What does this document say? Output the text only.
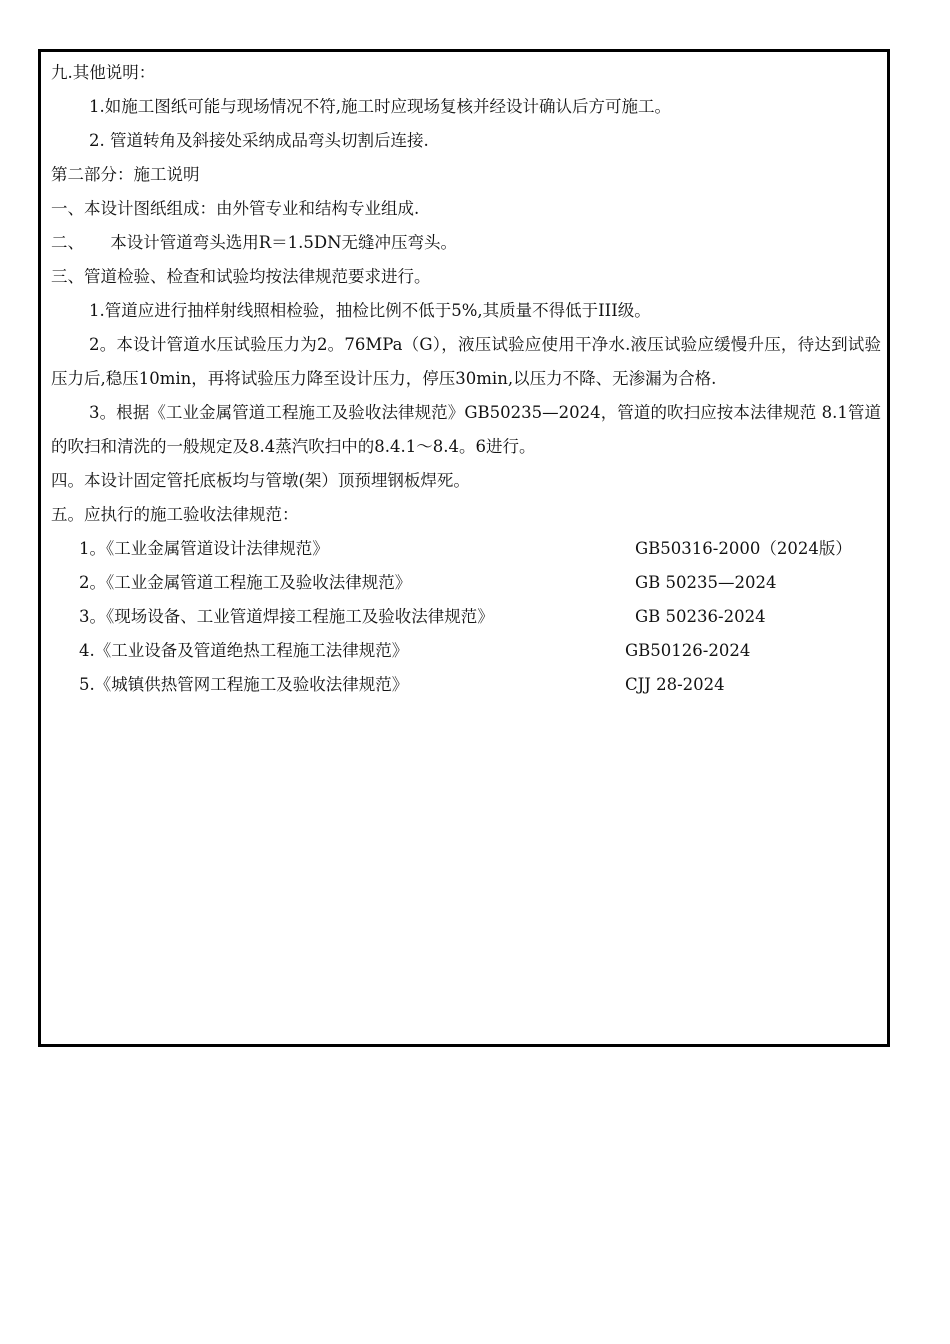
九.其他说明：

1.如施工图纸可能与现场情况不符,施工时应现场复核并经设计确认后方可施工。

2. 管道转角及斜接处采纳成品弯头切割后连接.

第二部分：施工说明

一、本设计图纸组成：由外管专业和结构专业组成.

二、     本设计管道弯头选用R＝1.5DN无缝冲压弯头。

三、管道检验、检查和试验均按法律规范要求进行。

1.管道应进行抽样射线照相检验，抽检比例不低于5%,其质量不得低于III级。

2。本设计管道水压试验压力为2。76MPa（G），液压试验应使用干净水.液压试验应缓慢升压，待达到试验压力后,稳压10min，再将试验压力降至设计压力，停压30min,以压力不降、无渗漏为合格.

3。根据《工业金属管道工程施工及验收法律规范》GB50235—2024，管道的吹扫应按本法律规范 8.1管道的吹扫和清洗的一般规定及8.4蒸汽吹扫中的8.4.1～8.4。6进行。

四。本设计固定管托底板均与管墩(架）顶预埋钢板焊死。

五。应执行的施工验收法律规范：

1。《工业金属管道设计法律规范》	GB50316-2000（2024版）
2。《工业金属管道工程施工及验收法律规范》	GB 50235—2024
3。《现场设备、工业管道焊接工程施工及验收法律规范》	GB 50236-2024
4.《工业设备及管道绝热工程施工法律规范》	GB50126-2024
5.《城镇供热管网工程施工及验收法律规范》	CJJ 28-2024
